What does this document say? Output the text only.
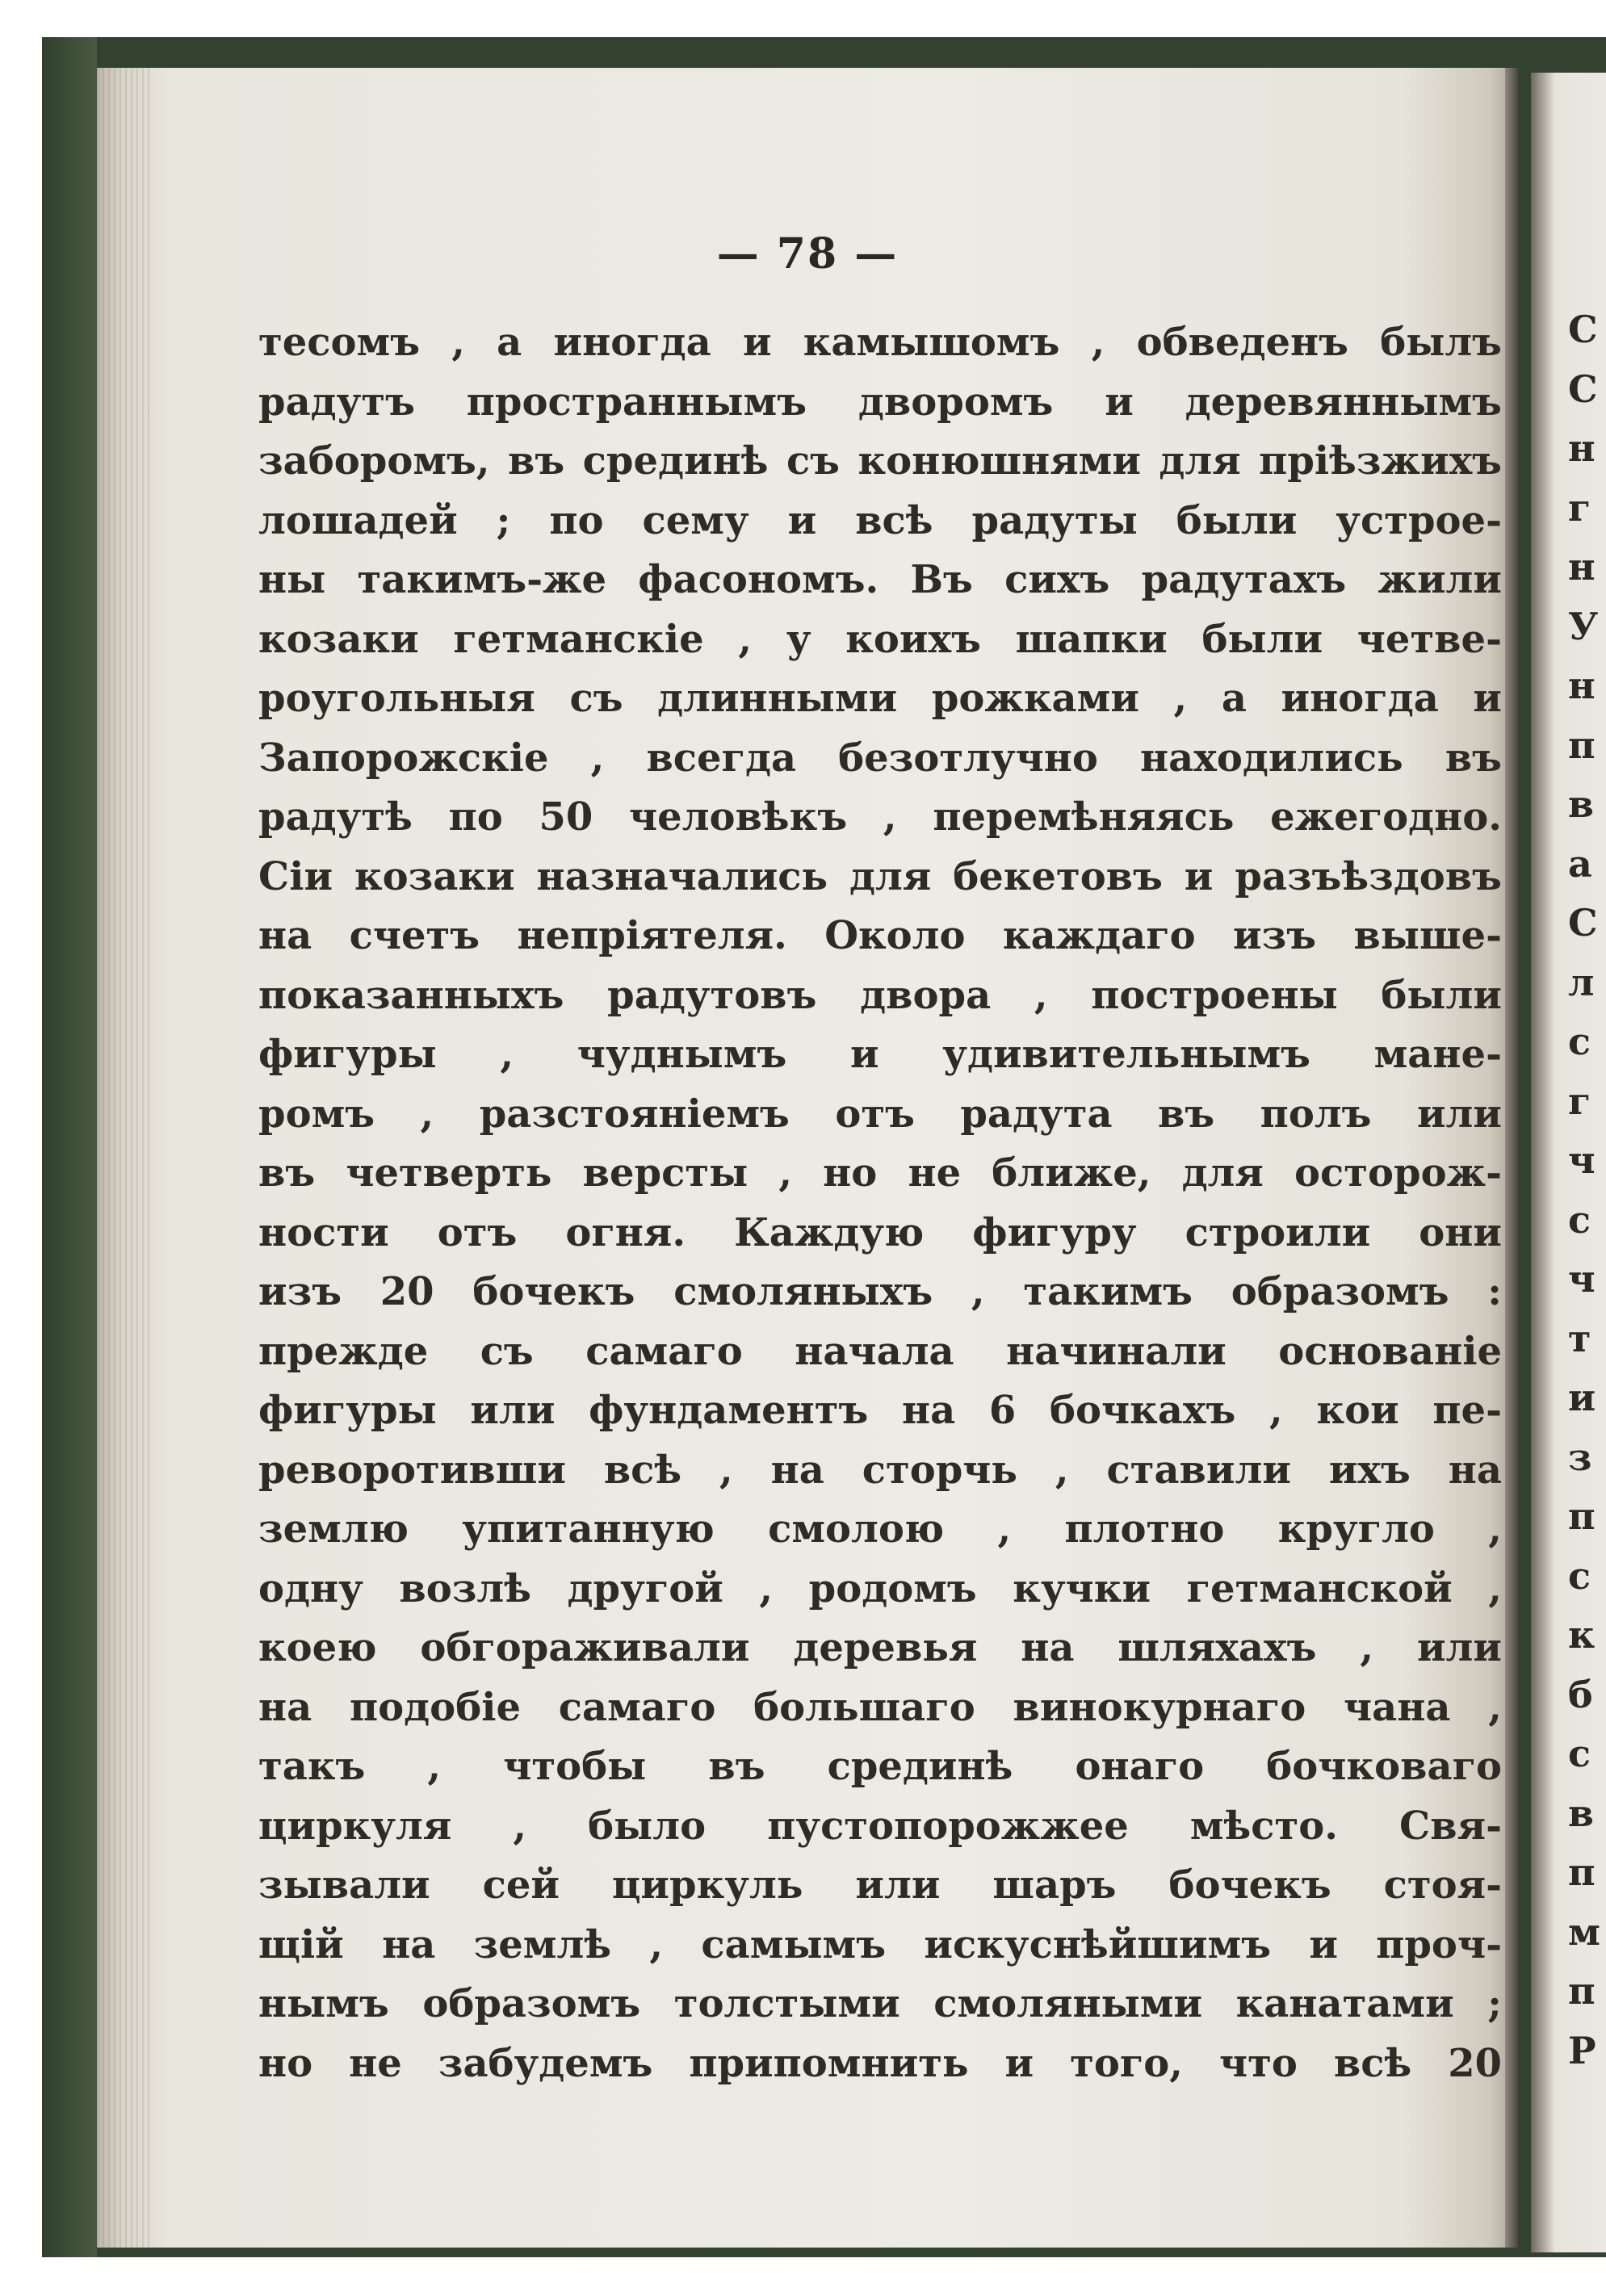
— 78 —
тесомъ , а иногда и камышомъ , обведенъ былъ
радутъ пространнымъ дворомъ и деревяннымъ
заборомъ, въ срединѣ съ конюшнями для пріѣзжихъ
лошадей ; по сему и всѣ радуты были устрое-
ны такимъ-же фасономъ. Въ сихъ радутахъ жили
козаки гетманскіе , у коихъ шапки были четве-
роугольныя съ длинными рожками , а иногда и
Запорожскіе , всегда безотлучно находились въ
радутѣ по 50 человѣкъ , перемѣняясь ежегодно.
Сіи козаки назначались для бекетовъ и разъѣздовъ
на счетъ непріятеля. Около каждаго изъ выше-
показанныхъ радутовъ двора , построены были
фигуры , чуднымъ и удивительнымъ мане-
ромъ , разстояніемъ отъ радута въ полъ или
въ четверть версты , но не ближе, для осторож-
ности отъ огня. Каждую фигуру строили они
изъ 20 бочекъ смоляныхъ , такимъ образомъ :
прежде съ самаго начала начинали основаніе
фигуры или фундаментъ на 6 бочкахъ , кои пе-
реворотивши всѣ , на сторчь , ставили ихъ на
землю упитанную смолою , плотно кругло ,
одну возлѣ другой , родомъ кучки гетманской ,
коею обгораживали деревья на шляхахъ , или
на подобіе самаго большаго винокурнаго чана ,
такъ , чтобы въ срединѣ онаго бочковаго
циркуля , было пустопорожжее мѣсто. Свя-
зывали сей циркуль или шаръ бочекъ стоя-
щій на землѣ , самымъ искуснѣйшимъ и проч-
нымъ образомъ толстыми смоляными канатами ;
но не забудемъ припомнить и того, что всѣ 20
С
С
н
г
н
У
н
п
в
а
С
л
с
г
ч
с
ч
т
и
з
п
с
к
б
с
в
п
м
п
Р
